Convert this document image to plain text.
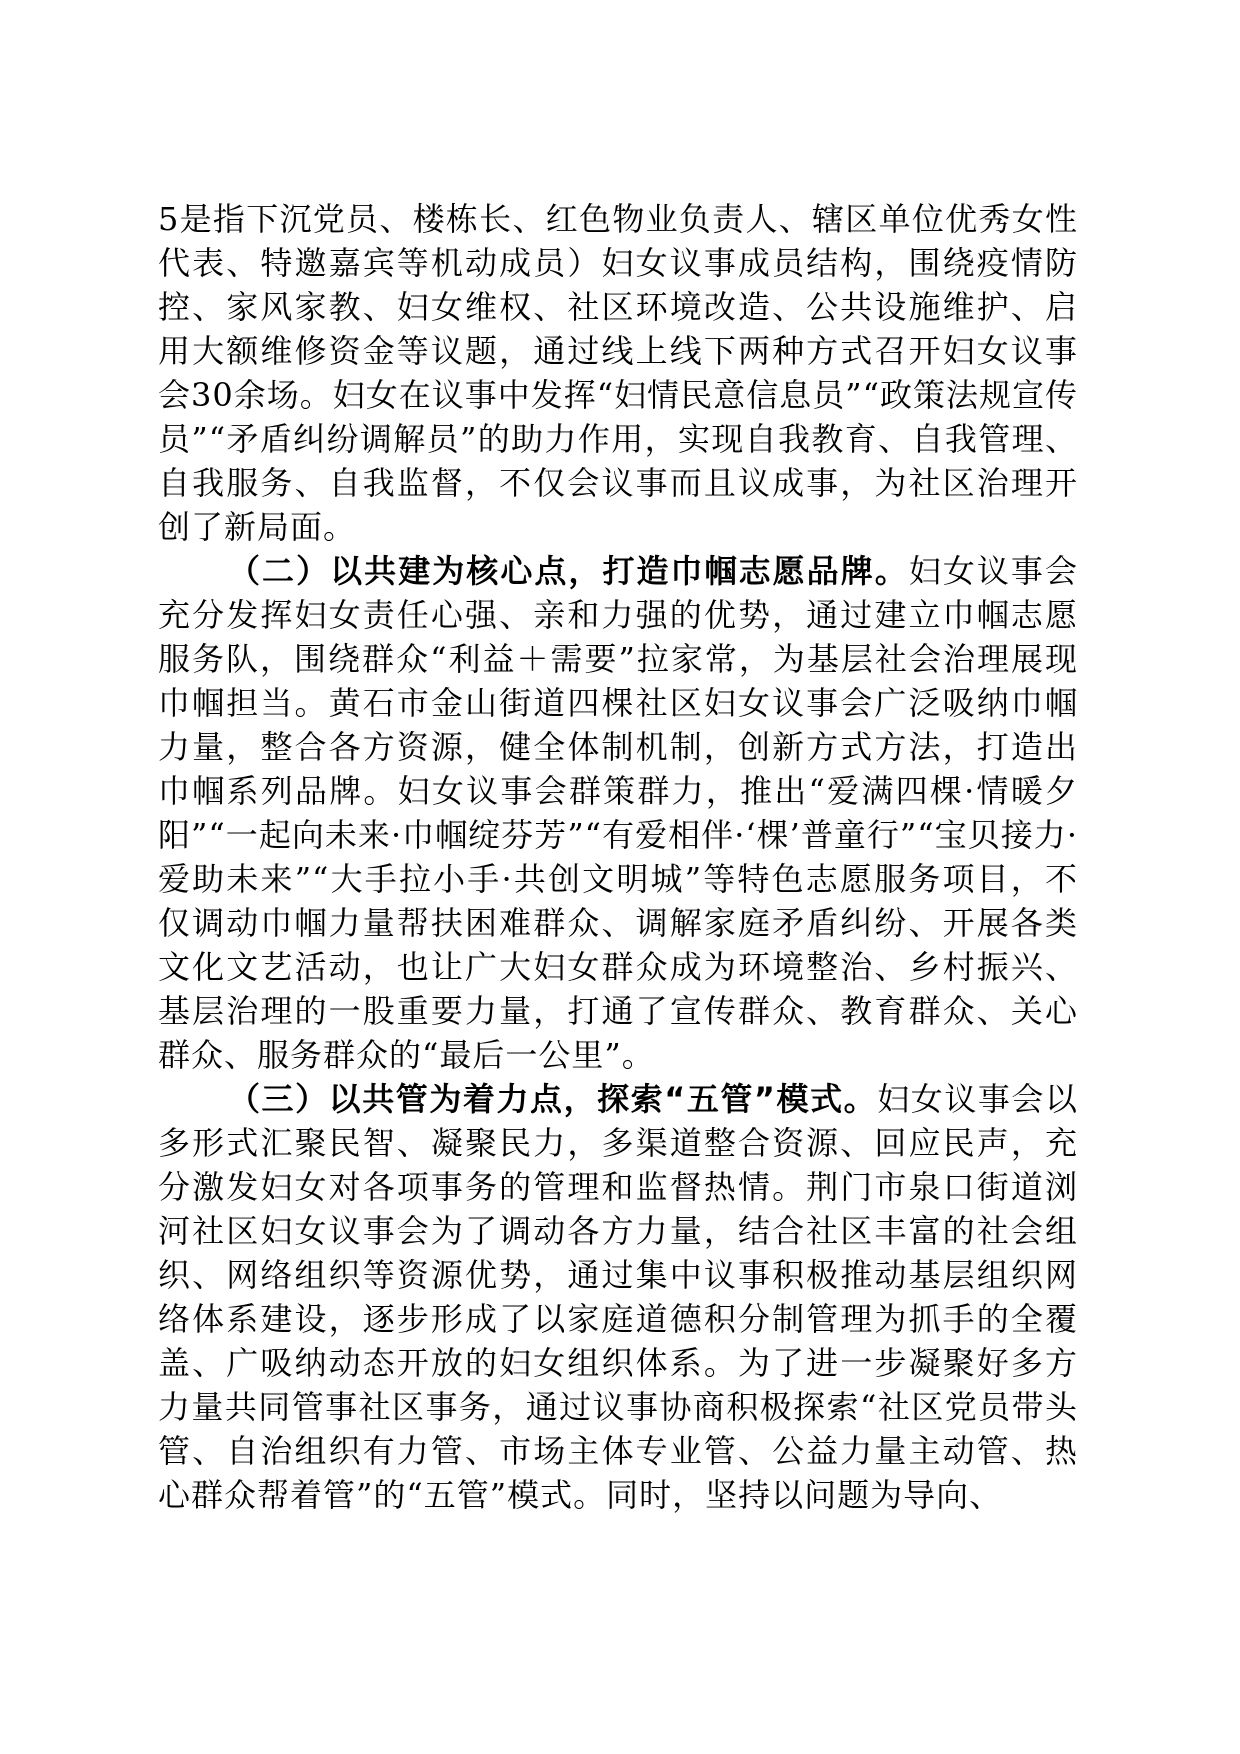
5是指下沉党员、楼栋长、红色物业负责人、辖区单位优秀女性代表、特邀嘉宾等机动成员）妇女议事成员结构，围绕疫情防控、家风家教、妇女维权、社区环境改造、公共设施维护、启用大额维修资金等议题，通过线上线下两种方式召开妇女议事会30余场。妇女在议事中发挥“妇情民意信息员”“政策法规宣传员”“矛盾纠纷调解员”的助力作用，实现自我教育、自我管理、自我服务、自我监督，不仅会议事而且议成事，为社区治理开创了新局面。

（二）以共建为核心点，打造巾帼志愿品牌。妇女议事会充分发挥妇女责任心强、亲和力强的优势，通过建立巾帼志愿服务队，围绕群众“利益＋需要”拉家常，为基层社会治理展现巾帼担当。黄石市金山街道四棵社区妇女议事会广泛吸纳巾帼力量，整合各方资源，健全体制机制，创新方式方法，打造出巾帼系列品牌。妇女议事会群策群力，推出“爱满四棵·情暖夕阳”“一起向未来·巾帼绽芬芳”“有爱相伴·‘棵’普童行”“宝贝接力·爱助未来”“大手拉小手·共创文明城”等特色志愿服务项目，不仅调动巾帼力量帮扶困难群众、调解家庭矛盾纠纷、开展各类文化文艺活动，也让广大妇女群众成为环境整治、乡村振兴、基层治理的一股重要力量，打通了宣传群众、教育群众、关心群众、服务群众的“最后一公里”。

（三）以共管为着力点，探索“五管”模式。妇女议事会以多形式汇聚民智、凝聚民力，多渠道整合资源、回应民声，充分激发妇女对各项事务的管理和监督热情。荆门市泉口街道浏河社区妇女议事会为了调动各方力量，结合社区丰富的社会组织、网络组织等资源优势，通过集中议事积极推动基层组织网络体系建设，逐步形成了以家庭道德积分制管理为抓手的全覆盖、广吸纳动态开放的妇女组织体系。为了进一步凝聚好多方力量共同管事社区事务，通过议事协商积极探索“社区党员带头管、自治组织有力管、市场主体专业管、公益力量主动管、热心群众帮着管”的“五管”模式。同时，坚持以问题为导向、
